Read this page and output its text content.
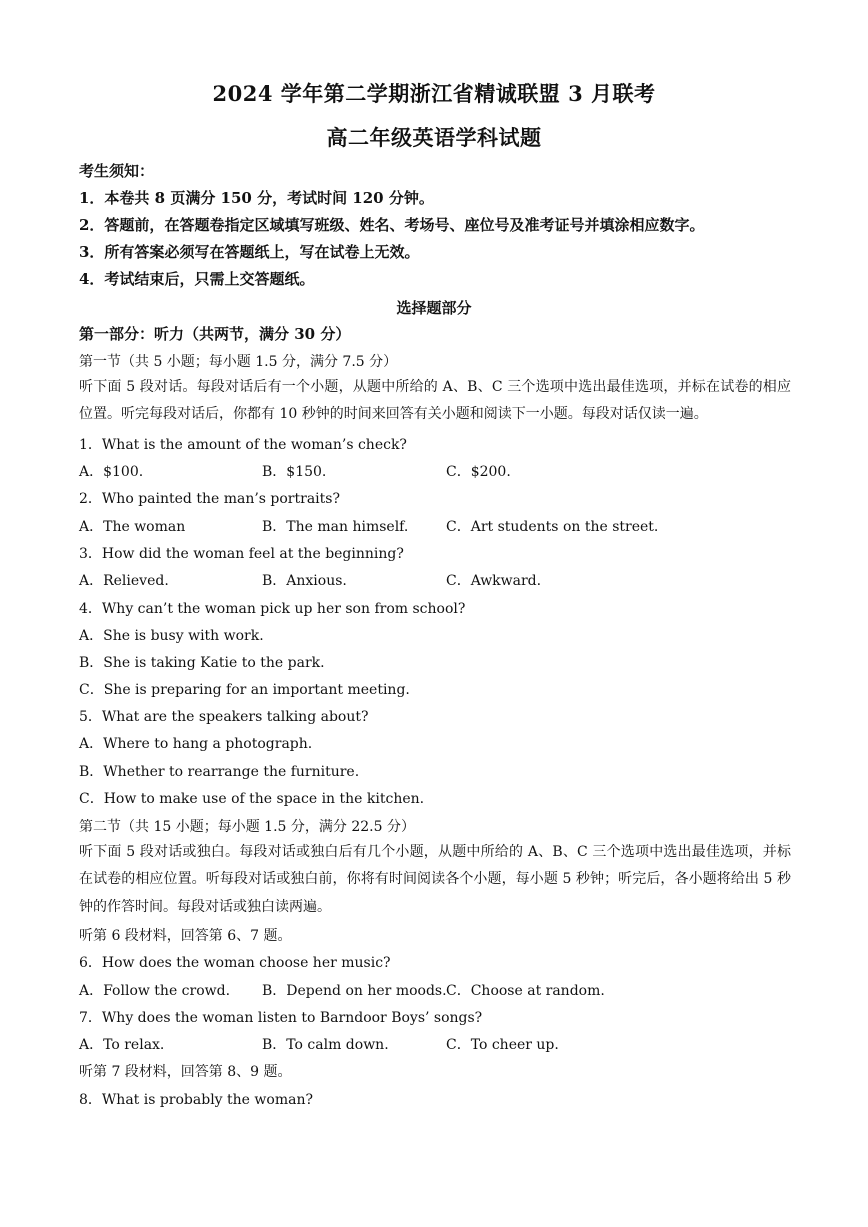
2024 学年第二学期浙江省精诚联盟 3 月联考
高二年级英语学科试题
考生须知：
1．本卷共 8 页满分 150 分，考试时间 120 分钟。
2．答题前，在答题卷指定区域填写班级、姓名、考场号、座位号及准考证号并填涂相应数字。
3．所有答案必须写在答题纸上，写在试卷上无效。
4．考试结束后，只需上交答题纸。
选择题部分
第一部分：听力（共两节，满分 30 分）
第一节（共 5 小题；每小题 1.5 分，满分 7.5 分）
听下面 5 段对话。每段对话后有一个小题，从题中所给的 A、B、C 三个选项中选出最佳选项，并标在试卷的相应位置。听完每段对话后，你都有 10 秒钟的时间来回答有关小题和阅读下一小题。每段对话仅读一遍。
1．What is the amount of the woman’s check?
A．$100.	B．$150.	C．$200.
2．Who painted the man’s portraits?
A．The woman	B．The man himself.	C．Art students on the street.
3．How did the woman feel at the beginning?
A．Relieved.	B．Anxious.	C．Awkward.
4．Why can’t the woman pick up her son from school?
A．She is busy with work.
B．She is taking Katie to the park.
C．She is preparing for an important meeting.
5．What are the speakers talking about?
A．Where to hang a photograph.
B．Whether to rearrange the furniture.
C．How to make use of the space in the kitchen.
第二节（共 15 小题；每小题 1.5 分，满分 22.5 分）
听下面 5 段对话或独白。每段对话或独白后有几个小题，从题中所给的 A、B、C 三个选项中选出最佳选项，并标在试卷的相应位置。听每段对话或独白前，你将有时间阅读各个小题，每小题 5 秒钟；听完后，各小题将给出 5 秒钟的作答时间。每段对话或独白读两遍。
听第 6 段材料，回答第 6、7 题。
6．How does the woman choose her music?
A．Follow the crowd. B．Depend on her moods. C．Choose at random.
7．Why does the woman listen to Barndoor Boys’ songs?
A．To relax.	B．To calm down.	C．To cheer up.
听第 7 段材料，回答第 8、9 题。
8．What is probably the woman?
